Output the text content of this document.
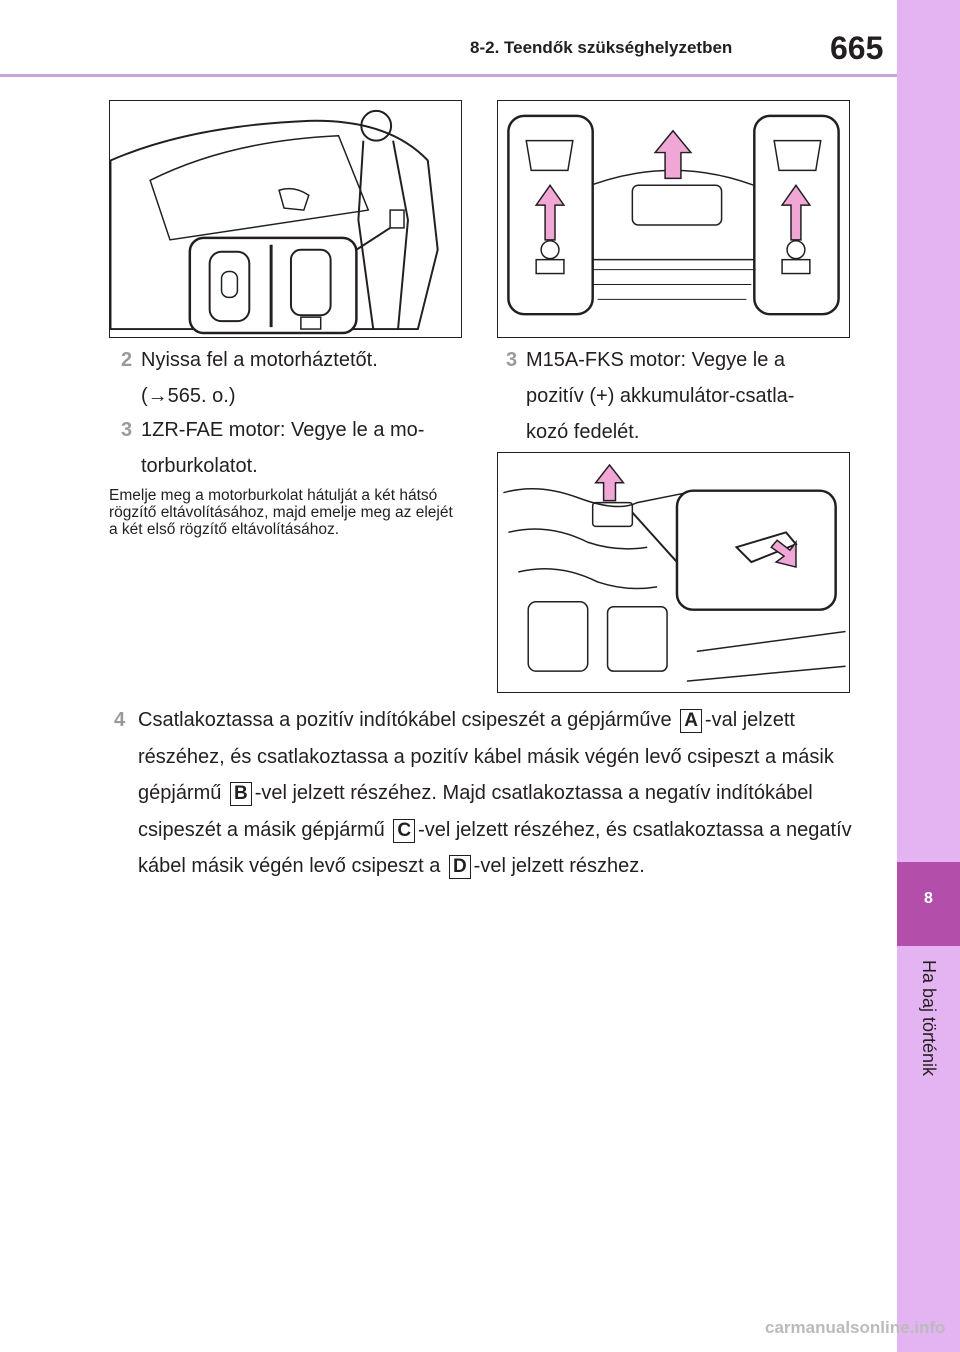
8
Ha baj történik
8-2. Teendők szükséghelyzetben	665
2 Nyissa fel a motorháztetőt.
(→565. o.)
3 1ZR-FAE motor: Vegye le a mo-
torburkolatot.
Emelje meg a motorburkolat hátulját a két hátsó rögzítő eltávolításához, majd emelje meg az elejét a két első rögzítő eltávolításához.
3 M15A-FKS motor: Vegye le a
pozitív (+) akkumulátor-csatla-
kozó fedelét.
4 Csatlakoztassa a pozitív indítókábel csipeszét a gépjárműve A -val jelzett részéhez, és csatlakoztassa a pozitív kábel másik végén levő csipeszt a másik gépjármű B -vel jelzett részéhez. Majd csatlakoztassa a negatív indítókábel csipeszét a másik gépjármű C -vel jelzett részéhez, és csatlakoztassa a negatív kábel másik végén levő csipeszt a D -vel jelzett részhez.
carmanualsonline.info
